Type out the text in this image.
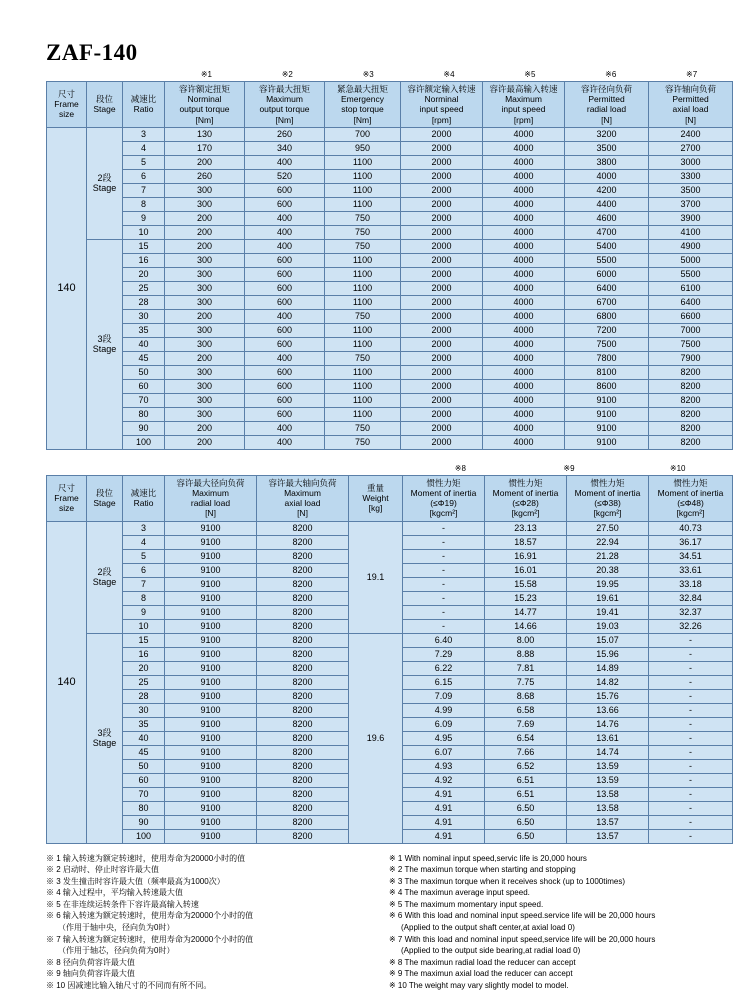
ZAF-140
※1	※2	※3	※4	※5	※6	※7
尺寸
Frame
size	段位
Stage	减速比
Ratio	容许额定扭矩
Norminal
output torque
[Nm]	容许最大扭矩
Maximum
output torque
[Nm]	紧急最大扭矩
Emergency
stop torque
[Nm]	容许额定输入转速
Norminal
input speed
[rpm]	容许最高输入转速
Maximum
input speed
[rpm]	容许径向负荷
Permitted
radial load
[N]	容许轴向负荷
Permitted
axial load
[N]

140	2段
Stage	3	130	260	700	2000	4000	3200	2400
		4	170	340	950	2000	4000	3500	2700
		5	200	400	1100	2000	4000	3800	3000
		6	260	520	1100	2000	4000	4000	3300
		7	300	600	1100	2000	4000	4200	3500
		8	300	600	1100	2000	4000	4400	3700
		9	200	400	750	2000	4000	4600	3900
		10	200	400	750	2000	4000	4700	4100
	3段
Stage	15	200	400	750	2000	4000	5400	4900
		16	300	600	1100	2000	4000	5500	5000
		20	300	600	1100	2000	4000	6000	5500
		25	300	600	1100	2000	4000	6400	6100
		28	300	600	1100	2000	4000	6700	6400
		30	200	400	750	2000	4000	6800	6600
		35	300	600	1100	2000	4000	7200	7000
		40	300	600	1100	2000	4000	7500	7500
		45	200	400	750	2000	4000	7800	7900
		50	300	600	1100	2000	4000	8100	8200
		60	300	600	1100	2000	4000	8600	8200
		70	300	600	1100	2000	4000	9100	8200
		80	300	600	1100	2000	4000	9100	8200
		90	200	400	750	2000	4000	9100	8200
		100	200	400	750	2000	4000	9100	8200
※8	※9	※10
尺寸
Frame
size	段位
Stage	减速比
Ratio	容许最大径向负荷
Maximum
radial load
[N]	容许最大轴向负荷
Maximum
axial load
[N]	重量
Weight
[kg]	惯性力矩
Moment of inertia
(≤Φ19)
[kgcm²]	惯性力矩
Moment of inertia
(≤Φ28)
[kgcm²]	惯性力矩
Moment of inertia
(≤Φ38)
[kgcm²]	惯性力矩
Moment of inertia
(≤Φ48)
[kgcm²]

140	2段
Stage	3	9100	8200	19.1	-	23.13	27.50	40.73
		4	9100	8200		-	18.57	22.94	36.17
		5	9100	8200		-	16.91	21.28	34.51
		6	9100	8200		-	16.01	20.38	33.61
		7	9100	8200		-	15.58	19.95	33.18
		8	9100	8200		-	15.23	19.61	32.84
		9	9100	8200		-	14.77	19.41	32.37
		10	9100	8200		-	14.66	19.03	32.26
	3段
Stage	15	9100	8200	19.6	6.40	8.00	15.07	-
		16	9100	8200		7.29	8.88	15.96	-
		20	9100	8200		6.22	7.81	14.89	-
		25	9100	8200		6.15	7.75	14.82	-
		28	9100	8200		7.09	8.68	15.76	-
		30	9100	8200		4.99	6.58	13.66	-
		35	9100	8200		6.09	7.69	14.76	-
		40	9100	8200		4.95	6.54	13.61	-
		45	9100	8200		6.07	7.66	14.74	-
		50	9100	8200		4.93	6.52	13.59	-
		60	9100	8200		4.92	6.51	13.59	-
		70	9100	8200		4.91	6.51	13.58	-
		80	9100	8200		4.91	6.50	13.58	-
		90	9100	8200		4.91	6.50	13.57	-
		100	9100	8200		4.91	6.50	13.57	-
※ 1 输入转速为额定转速时，使用寿命为20000小时的值
※ 2 启动时、停止时容许最大值
※ 3 发生撞击时容许最大值（频率最高为1000次）
※ 4 输入过程中，平均输入转速最大值
※ 5 在非连续运转条件下容许最高输入转速
※ 6 输入转速为额定转速时，使用寿命为20000个小时的值
（作用于轴中央，径向负为0时）
※ 7 输入转速为额定转速时，使用寿命为20000个小时的值
（作用于轴芯，径向负荷为0时）
※ 8 径向负荷容许最大值
※ 9 轴向负荷容许最大值
※ 10 因减速比输入轴尺寸的不同而有所不同。
※ 1 With nominal input speed,servic life is 20,000 hours
※ 2 The maximun torque when starting and stopping
※ 3 The maximun torque when it receives shock (up to 1000times)
※ 4 The maximun average input speed.
※ 5 The maximum momentary input speed.
※ 6 With this load and nominal input speed.service life will be 20,000 hours
(Applied to the output shaft center,at axial load 0)
※ 7 With this load and nominal input speed,service life will be 20,000 hours
(Applied to the output side bearing,at radial load 0)
※ 8 The maximun radial load the reducer can accept
※ 9 The maximun axial load the reducer can accept
※ 10 The weight may vary slightly model to model.
